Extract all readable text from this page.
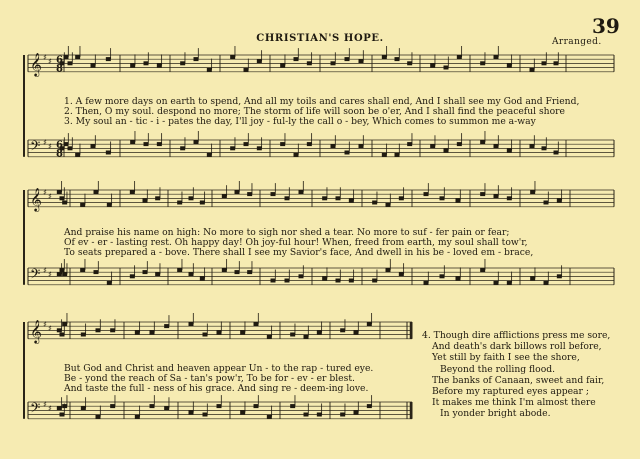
39
CHRISTIAN'S HOPE.	Arranged.
𝄞 ♯ ♯ 6
8
𝄢 ♯ ♯ 6
8
𝄞 ♯ ♯
𝄢 ♯ ♯
𝄞 ♯ ♯
𝄢 ♯ ♯
1. A few more days on earth to spend, And all my toils and cares shall end, And I shall see my God and Friend,
2. Then, O my soul. despond no more; The storm of life will soon be o'er, And I shall find the peaceful shore
3. My soul an - tic - i - pates the day, I'll joy - ful-ly the call o - bey, Which comes to summon me a-way
And praise his name on high: No more to sigh nor shed a tear. No more to suf - fer pain or fear;
Of ev - er - lasting rest. Oh happy day! Oh joy-ful hour! When, freed from earth, my soul shall tow'r,
To seats prepared a - bove. There shall I see my Savior's face, And dwell in his be - loved em - brace,
But God and Christ and heaven appear Un - to the rap - tured eye.
Be - yond the reach of Sa - tan's pow'r, To be for - ev - er blest.
And taste the full - ness of his grace. And sing re - deem-ing love.
4. Though dire afflictions press me sore,
And death's dark billows roll before,
Yet still by faith I see the shore,
Beyond the rolling flood.
The banks of Canaan, sweet and fair,
Before my raptured eyes appear ;
It makes me think I'm almost there
In yonder bright abode.
